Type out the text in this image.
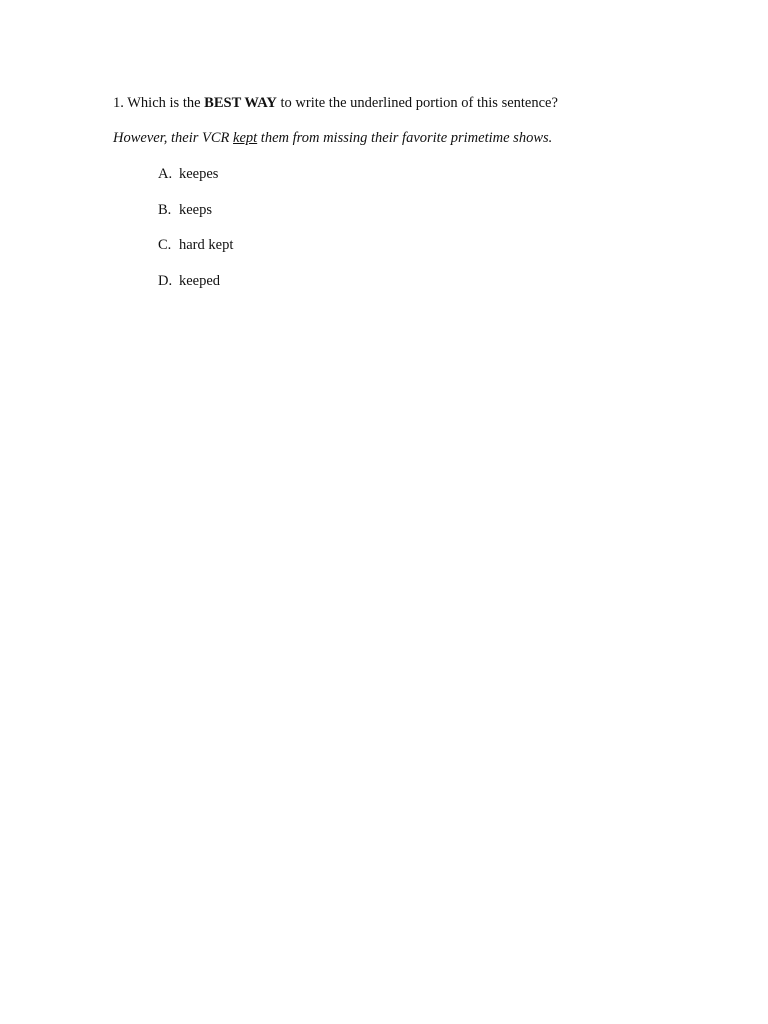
1. Which is the BEST WAY to write the underlined portion of this sentence?
However, their VCR kept them from missing their favorite primetime shows.
A. keepes
B. keeps
C. hard kept
D. keeped
